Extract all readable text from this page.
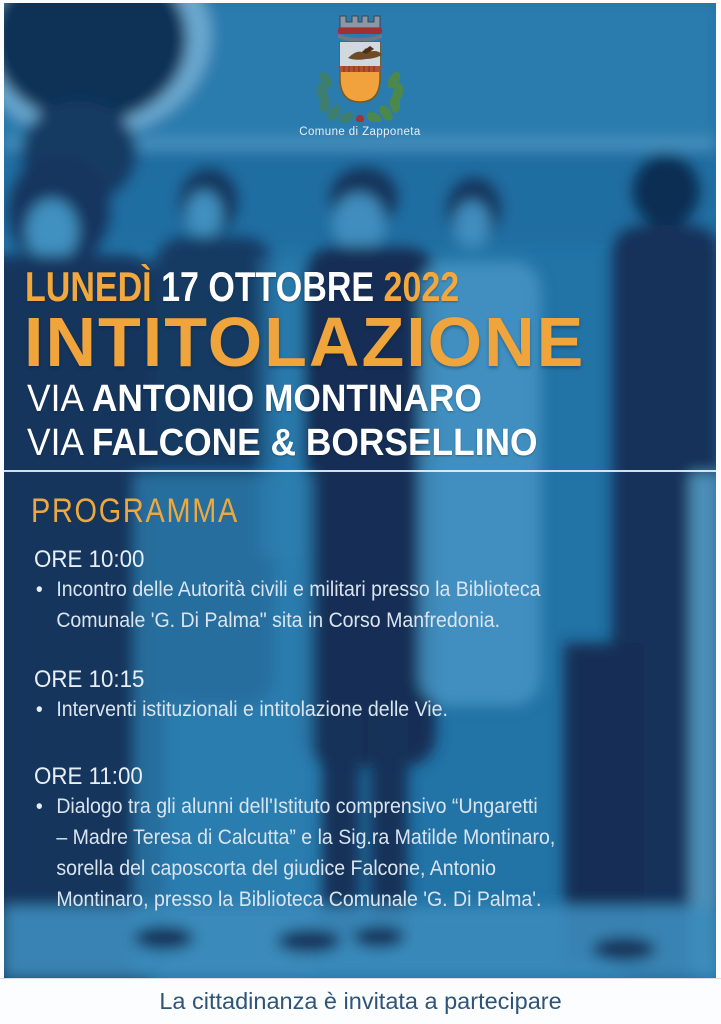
Comune di Zapponeta
LUNEDÌ 17 OTTOBRE 2022
INTITOLAZIONE
VIA ANTONIO MONTINARO
VIA FALCONE & BORSELLINO
PROGRAMMA
ORE 10:00
• Incontro delle Autorità civili e militari presso la Biblioteca
Comunale 'G. Di Palma" sita in Corso Manfredonia.
ORE 10:15
• Interventi istituzionali e intitolazione delle Vie.
ORE 11:00
• Dialogo tra gli alunni dell'Istituto comprensivo “Ungaretti
– Madre Teresa di Calcutta” e la Sig.ra Matilde Montinaro,
sorella del caposcorta del giudice Falcone, Antonio
Montinaro, presso la Biblioteca Comunale 'G. Di Palma'.
La cittadinanza è invitata a partecipare
